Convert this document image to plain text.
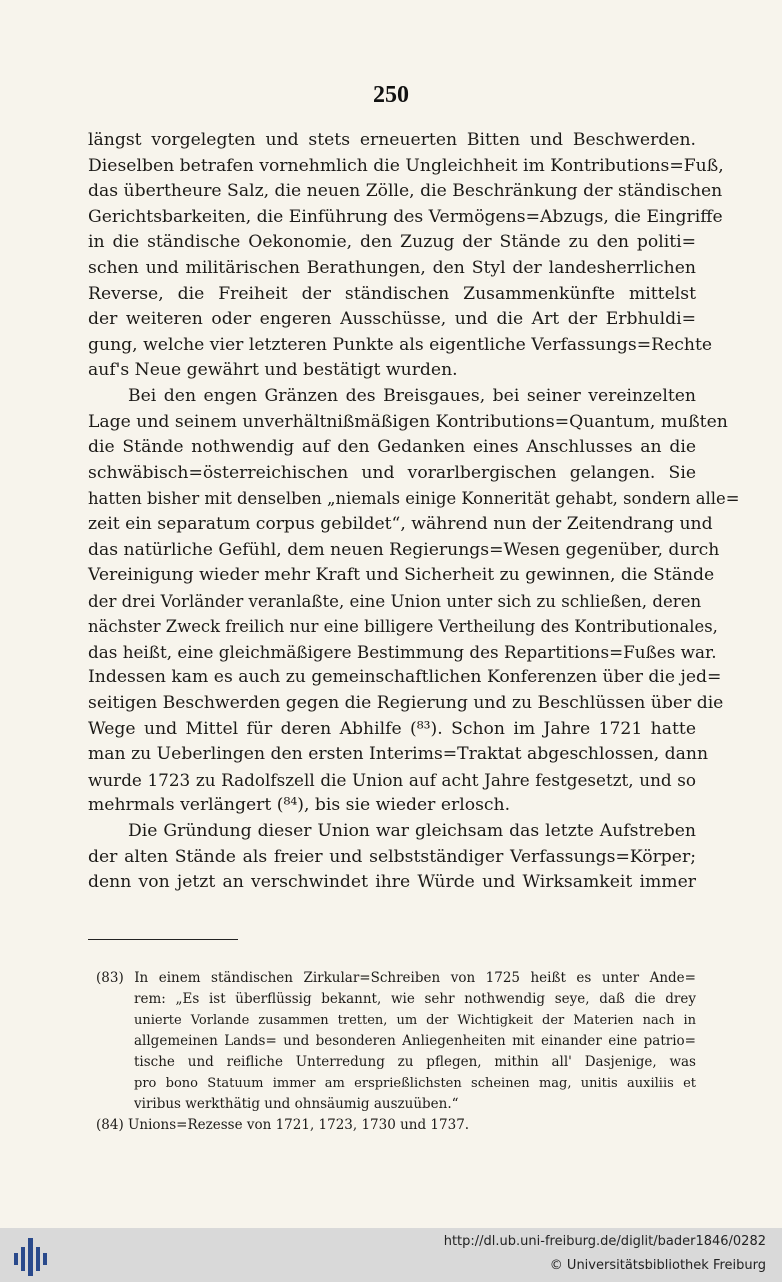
250
längst vorgelegten und stets erneuerten Bitten und Beschwerden.
Dieselben betrafen vornehmlich die Ungleichheit im Kontributions=Fuß,
das übertheure Salz, die neuen Zölle, die Beschränkung der ständischen
Gerichtsbarkeiten, die Einführung des Vermögens=Abzugs, die Eingriffe
in die ständische Oekonomie, den Zuzug der Stände zu den politi=
schen und militärischen Berathungen, den Styl der landesherrlichen
Reverse, die Freiheit der ständischen Zusammenkünfte mittelst
der weiteren oder engeren Ausschüsse, und die Art der Erbhuldi=
gung, welche vier letzteren Punkte als eigentliche Verfassungs=Rechte
auf's Neue gewährt und bestätigt wurden.
Bei den engen Gränzen des Breisgaues, bei seiner vereinzelten
Lage und seinem unverhältnißmäßigen Kontributions=Quantum, mußten
die Stände nothwendig auf den Gedanken eines Anschlusses an die
schwäbisch=österreichischen und vorarlbergischen gelangen. Sie
hatten bisher mit denselben „niemals einige Konnerität gehabt, sondern alle=
zeit ein separatum corpus gebildet“, während nun der Zeitendrang und
das natürliche Gefühl, dem neuen Regierungs=Wesen gegenüber, durch
Vereinigung wieder mehr Kraft und Sicherheit zu gewinnen, die Stände
der drei Vorländer veranlaßte, eine Union unter sich zu schließen, deren
nächster Zweck freilich nur eine billigere Vertheilung des Kontributionales,
das heißt, eine gleichmäßigere Bestimmung des Repartitions=Fußes war.
Indessen kam es auch zu gemeinschaftlichen Konferenzen über die jed=
seitigen Beschwerden gegen die Regierung und zu Beschlüssen über die
Wege und Mittel für deren Abhilfe (⁸³). Schon im Jahre 1721 hatte
man zu Ueberlingen den ersten Interims=Traktat abgeschlossen, dann
wurde 1723 zu Radolfszell die Union auf acht Jahre festgesetzt, und so
mehrmals verlängert (⁸⁴), bis sie wieder erlosch.
Die Gründung dieser Union war gleichsam das letzte Aufstreben
der alten Stände als freier und selbstständiger Verfassungs=Körper;
denn von jetzt an verschwindet ihre Würde und Wirksamkeit immer
(83) In einem ständischen Zirkular=Schreiben von 1725 heißt es unter Ande=
rem: „Es ist überflüssig bekannt, wie sehr nothwendig seye, daß die drey
unierte Vorlande zusammen tretten, um der Wichtigkeit der Materien nach in
allgemeinen Lands= und besonderen Anliegenheiten mit einander eine patrio=
tische und reifliche Unterredung zu pflegen, mithin all' Dasjenige, was
pro bono Statuum immer am ersprießlichsten scheinen mag, unitis auxiliis et
viribus werkthätig und ohnsäumig auszuüben.“
(84) Unions=Rezesse von 1721, 1723, 1730 und 1737.
http://dl.ub.uni-freiburg.de/diglit/bader1846/0282
© Universitätsbibliothek Freiburg
